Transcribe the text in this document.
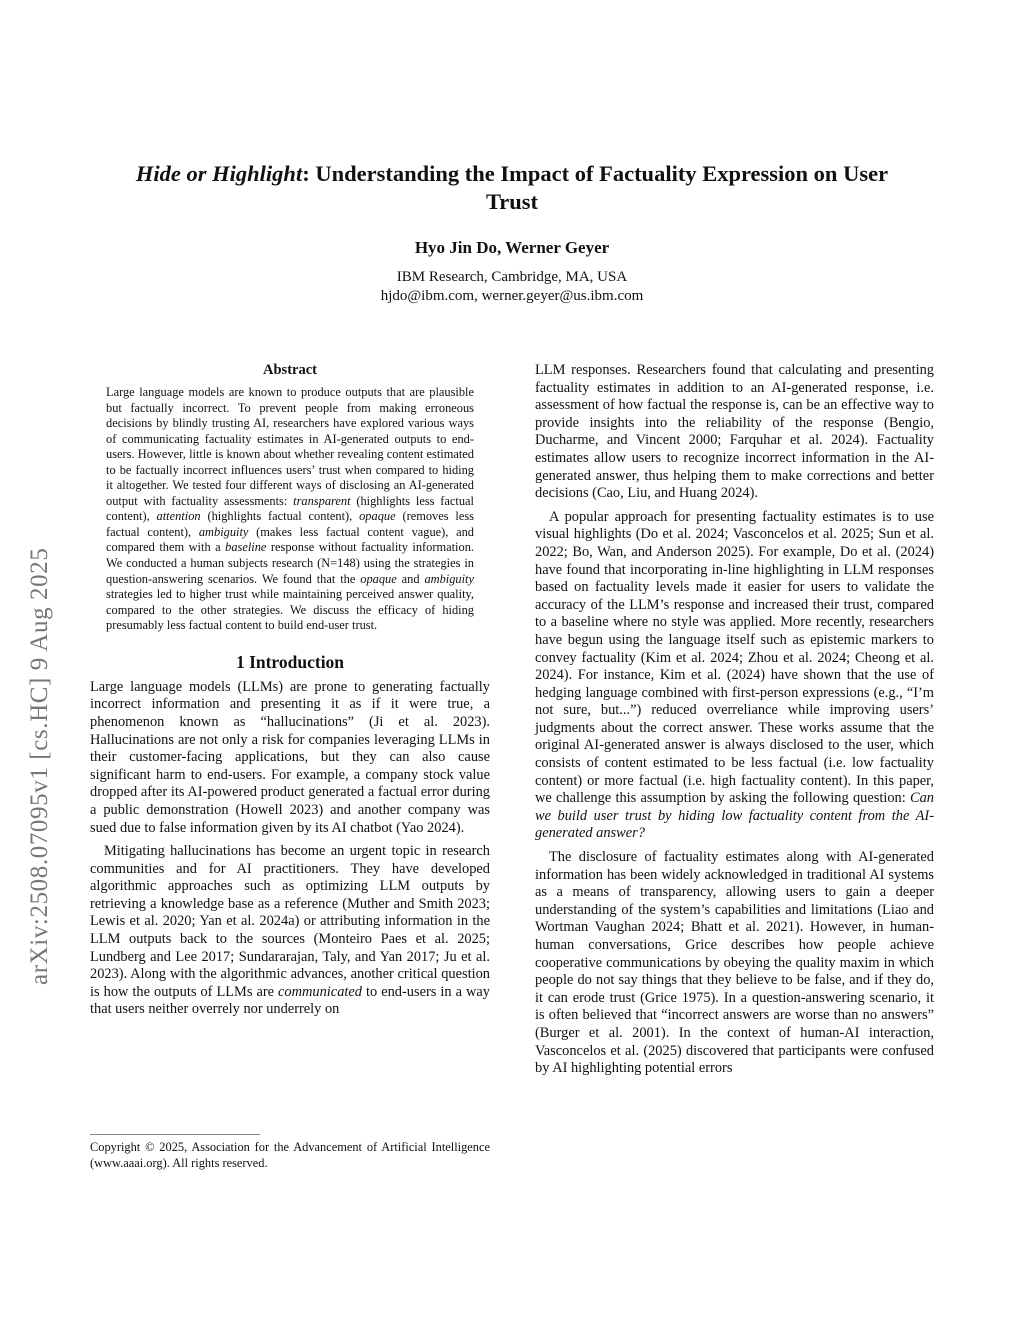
Hide or Highlight: Understanding the Impact of Factuality Expression on User
Trust
Hyo Jin Do, Werner Geyer
IBM Research, Cambridge, MA, USA
hjdo@ibm.com, werner.geyer@us.ibm.com
arXiv:2508.07095v1 [cs.HC] 9 Aug 2025
Abstract
Large language models are known to produce outputs that are plausible but factually incorrect. To prevent people from making erroneous decisions by blindly trusting AI, researchers have explored various ways of communicating factuality estimates in AI-generated outputs to end-users. However, little is known about whether revealing content estimated to be factually incorrect influences users’ trust when compared to hiding it altogether. We tested four different ways of disclosing an AI-generated output with factuality assessments: transparent (highlights less factual content), attention (highlights factual content), opaque (removes less factual content), ambiguity (makes less factual content vague), and compared them with a baseline response without factuality information. We conducted a human subjects research (N=148) using the strategies in question-answering scenarios. We found that the opaque and ambiguity strategies led to higher trust while maintaining perceived answer quality, compared to the other strategies. We discuss the efficacy of hiding presumably less factual content to build end-user trust.
1 Introduction

Large language models (LLMs) are prone to generating factually incorrect information and presenting it as if it were true, a phenomenon known as “hallucinations” (Ji et al. 2023). Hallucinations are not only a risk for companies leveraging LLMs in their customer-facing applications, but they can also cause significant harm to end-users. For example, a company stock value dropped after its AI-powered product generated a factual error during a public demonstration (Howell 2023) and another company was sued due to false information given by its AI chatbot (Yao 2024).

Mitigating hallucinations has become an urgent topic in research communities and for AI practitioners. They have developed algorithmic approaches such as optimizing LLM outputs by retrieving a knowledge base as a reference (Muther and Smith 2023; Lewis et al. 2020; Yan et al. 2024a) or attributing information in the LLM outputs back to the sources (Monteiro Paes et al. 2025; Lundberg and Lee 2017; Sundararajan, Taly, and Yan 2017; Ju et al. 2023). Along with the algorithmic advances, another critical question is how the outputs of LLMs are communicated to end-users in a way that users neither overrely nor underrely on

Copyright © 2025, Association for the Advancement of Artificial Intelligence (www.aaai.org). All rights reserved.

LLM responses. Researchers found that calculating and presenting factuality estimates in addition to an AI-generated response, i.e. assessment of how factual the response is, can be an effective way to provide insights into the reliability of the response (Bengio, Ducharme, and Vincent 2000; Farquhar et al. 2024). Factuality estimates allow users to recognize incorrect information in the AI-generated answer, thus helping them to make corrections and better decisions (Cao, Liu, and Huang 2024).

A popular approach for presenting factuality estimates is to use visual highlights (Do et al. 2024; Vasconcelos et al. 2025; Sun et al. 2022; Bo, Wan, and Anderson 2025). For example, Do et al. (2024) have found that incorporating in-line highlighting in LLM responses based on factuality levels made it easier for users to validate the accuracy of the LLM’s response and increased their trust, compared to a baseline where no style was applied. More recently, researchers have begun using the language itself such as epistemic markers to convey factuality (Kim et al. 2024; Zhou et al. 2024; Cheong et al. 2024). For instance, Kim et al. (2024) have shown that the use of hedging language combined with first-person expressions (e.g., “I’m not sure, but...”) reduced overreliance while improving users’ judgments about the correct answer. These works assume that the original AI-generated answer is always disclosed to the user, which consists of content estimated to be less factual (i.e. low factuality content) or more factual (i.e. high factuality content). In this paper, we challenge this assumption by asking the following question: Can we build user trust by hiding low factuality content from the AI-generated answer?

The disclosure of factuality estimates along with AI-generated information has been widely acknowledged in traditional AI systems as a means of transparency, allowing users to gain a deeper understanding of the system’s capabilities and limitations (Liao and Wortman Vaughan 2024; Bhatt et al. 2021). However, in human-human conversations, Grice describes how people achieve cooperative communications by obeying the quality maxim in which people do not say things that they believe to be false, and if they do, it can erode trust (Grice 1975). In a question-answering scenario, it is often believed that “incorrect answers are worse than no answers” (Burger et al. 2001). In the context of human-AI interaction, Vasconcelos et al. (2025) discovered that participants were confused by AI highlighting potential errors
